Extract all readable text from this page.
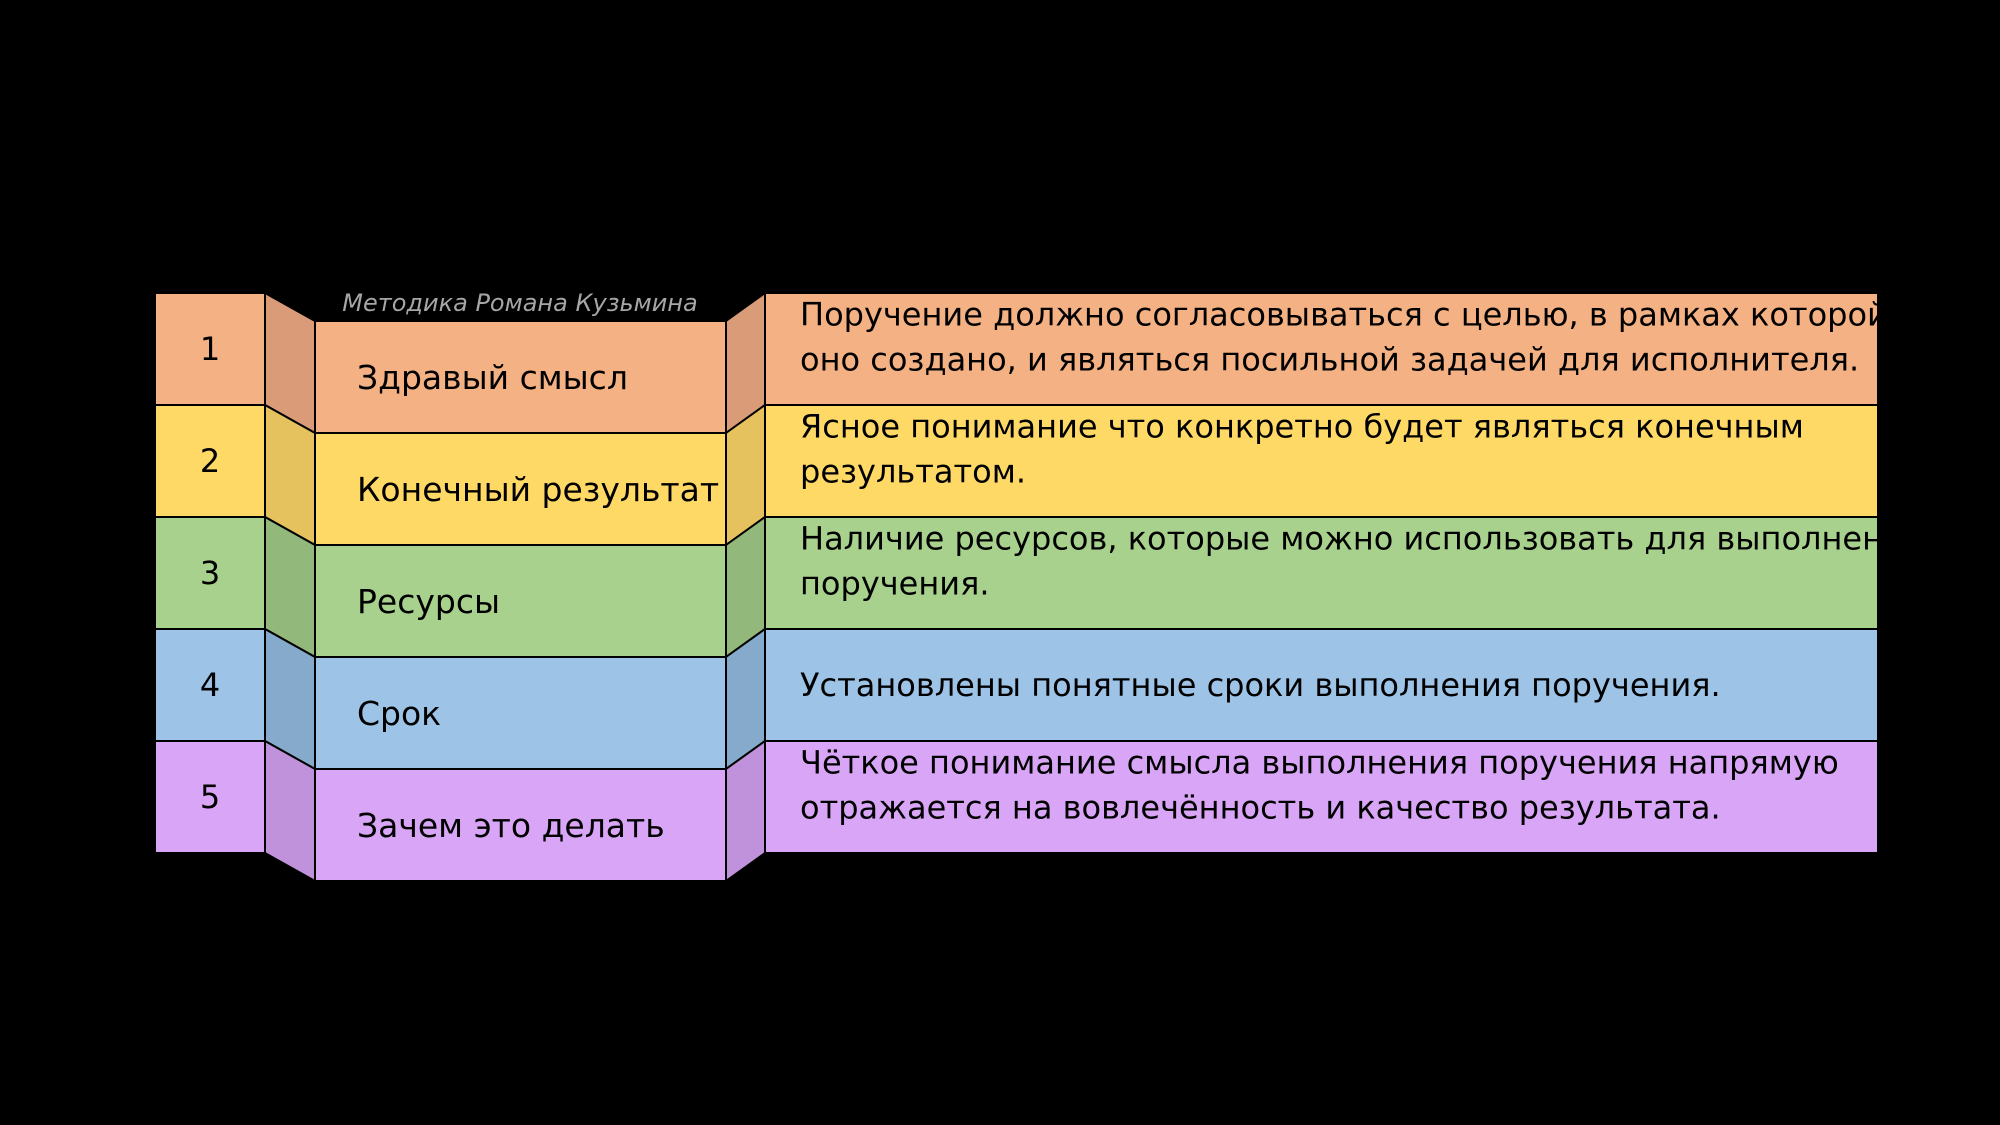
1
Здравый смысл
Поручение должно согласовываться с целью, в рамках которой
оно создано, и являться посильной задачей для исполнителя.
2
Конечный результат
Ясное понимание что конкретно будет являться конечным
результатом.
3
Ресурсы
Наличие ресурсов, которые можно использовать для выполнения
поручения.
4
Срок
Установлены понятные сроки выполнения поручения.
5
Зачем это делать
Чёткое понимание смысла выполнения поручения напрямую
отражается на вовлечённость и качество результата.
Методика Романа Кузьмина
